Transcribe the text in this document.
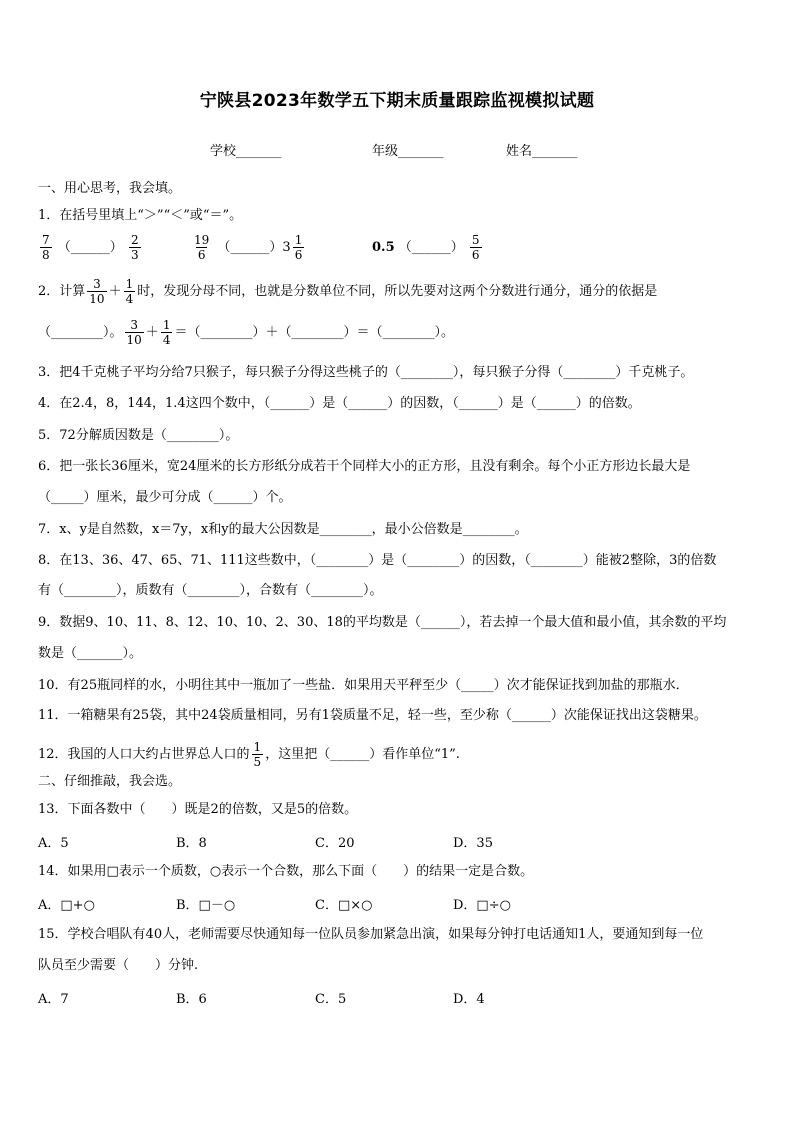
宁陕县2023年数学五下期末质量跟踪监视模拟试题
学校_______	年级_______	姓名_______
一、用心思考，我会填。
1．在括号里填上“＞”“＜”或“＝”。
$\frac{7}{8}$ （______） $\frac{2}{3}$	$\frac{19}{6}$ （______）3 $\frac{1}{6}$	0.5 （______） $\frac{5}{6}$
2．计算 $\frac{3}{10} + \frac{1}{4}$ 时，发现分母不同，也就是分数单位不同，所以先要对这两个分数进行通分，通分的依据是
（________）。 $\frac{3}{10} + \frac{1}{4}$ ＝（________）＋（________）＝（________）。
3．把4千克桃子平均分给7只猴子，每只猴子分得这些桃子的（________），每只猴子分得（________）千克桃子。
4．在2.4，8，144，1.4这四个数中，（______）是（______）的因数，（______）是（______）的倍数。
5．72分解质因数是（________）。
6．把一张长36厘米，宽24厘米的长方形纸分成若干个同样大小的正方形，且没有剩余。每个小正方形边长最大是
（_____）厘米，最少可分成（______）个。
7．x、y是自然数，x＝7y，x和y的最大公因数是________，最小公倍数是________。
8．在13、36、47、65、71、111这些数中，（________）是（________）的因数，（________）能被2整除，3的倍数
有（________），质数有（________），合数有（________）。
9．数据9、10、11、8、12、10、10、2、30、18的平均数是（______），若去掉一个最大值和最小值，其余数的平均
数是（_______）。
10．有25瓶同样的水，小明往其中一瓶加了一些盐．如果用天平秤至少（_____）次才能保证找到加盐的那瓶水．
11．一箱糖果有25袋，其中24袋质量相同，另有1袋质量不足，轻一些，至少称（______）次能保证找出这袋糖果。
12．我国的人口大约占世界总人口的 $\frac{1}{5}$ ，这里把（______）看作单位“1”.
二、仔细推敲，我会选。
13．下面各数中（　　）既是2的倍数，又是5的倍数。
A．5	B．8	C．20	D．35
14．如果用□表示一个质数，○表示一个合数，那么下面（　　）的结果一定是合数。
A．□+○	B．□－○	C．□×○	D．□÷○
15．学校合唱队有40人，老师需要尽快通知每一位队员参加紧急出演，如果每分钟打电话通知1人，要通知到每一位
队员至少需要（　　）分钟.
A．7	B．6	C．5	D．4
